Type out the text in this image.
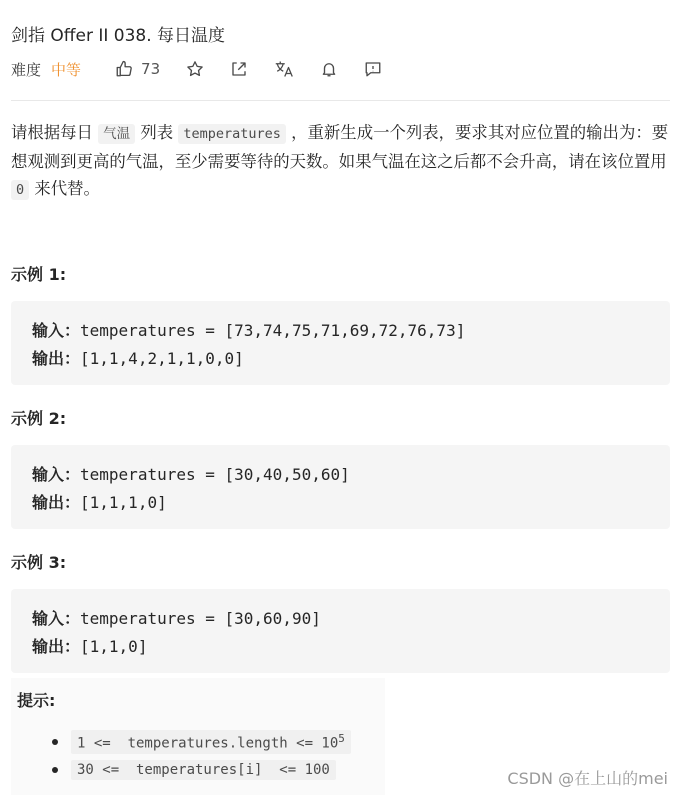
剑指 Offer II 038. 每日温度
难度 中等	73
请根据每日 气温 列表 temperatures ，重新生成一个列表，要求其对应位置的输出为：要想观测到更高的气温，至少需要等待的天数。如果气温在这之后都不会升高，请在该位置用 0 来代替。
示例 1:
输入：temperatures = [73,74,75,71,69,72,76,73]
输出：[1,1,4,2,1,1,0,0]
示例 2:
输入：temperatures = [30,40,50,60]
输出：[1,1,1,0]
示例 3:
输入：temperatures = [30,60,90]
输出：[1,1,0]
提示:
1 <=  temperatures.length <= $10^5$
30 <=  temperatures[i]  <= 100	CSDN @在上山的mei
